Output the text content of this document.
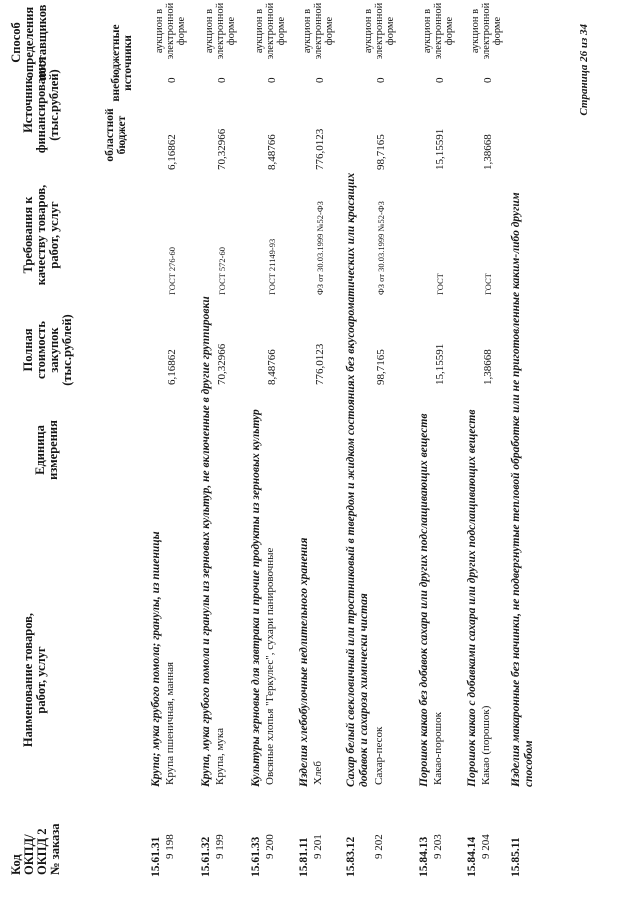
Код
ОКПД/
ОКПД 2
№ заказа
Наименование товаров,
работ, услуг
Единица
измерения
Полная
стоимость
закупок
(тыс.рублей)
Требования к
качеству товаров,
работ, услуг
Источник
финансирования
(тыс.рублей)	областной
бюджет
внебюджетные
источники
Способ
определения
поставщиков
15.61.31
Крупа; мука грубого помола; гранулы, из пшеницы
9 198
Крупа пшеничная, манная
6,16862
ГОСТ 276-60
6,16862
0
аукцион в электронной форме
15.61.32
Крупа, мука грубого помола и гранулы из зерновых культур, не включенные в другие группировки
9 199
Крупа, мука
70,32966
ГОСТ 572-60
70,32966
0
аукцион в электронной форме
15.61.33
Культуры зерновые для завтрака и прочие продукты из зерновых культур
9 200
Овсяные хлопья "Геркулес", сухари панировочные
8,48766
ГОСТ 21149-93
8,48766
0
аукцион в электронной форме
15.81.11
Изделия хлебобулочные недлительного хранения
9 201
Хлеб
776,0123
ФЗ от 30.03.1999 №52-ФЗ
776,0123
0
аукцион в электронной форме
15.83.12
Сахар белый свекловичный или тростниковый в твердом и жидком состояниях без вкусоароматических или красящих добавок и сахароза химически чистая
9 202
Сахар-песок
98,7165
ФЗ от 30.03.1999 №52-ФЗ
98,7165
0
аукцион в электронной форме
15.84.13
Порошок какао без добавок сахара или других подслащивающих веществ
9 203
Какао-порошок
15,15591
ГОСТ
15,15591
0
аукцион в электронной форме
15.84.14
Порошок какао с добавками сахара или других подслащивающих веществ
9 204
Какао (порошок)
1,38668
ГОСТ
1,38668
0
аукцион в электронной форме
15.85.11
Изделия макаронные без начинки, не подвергнутые тепловой обработке или не приготовленные каким-либо другим способом
Страница 26 из 34
